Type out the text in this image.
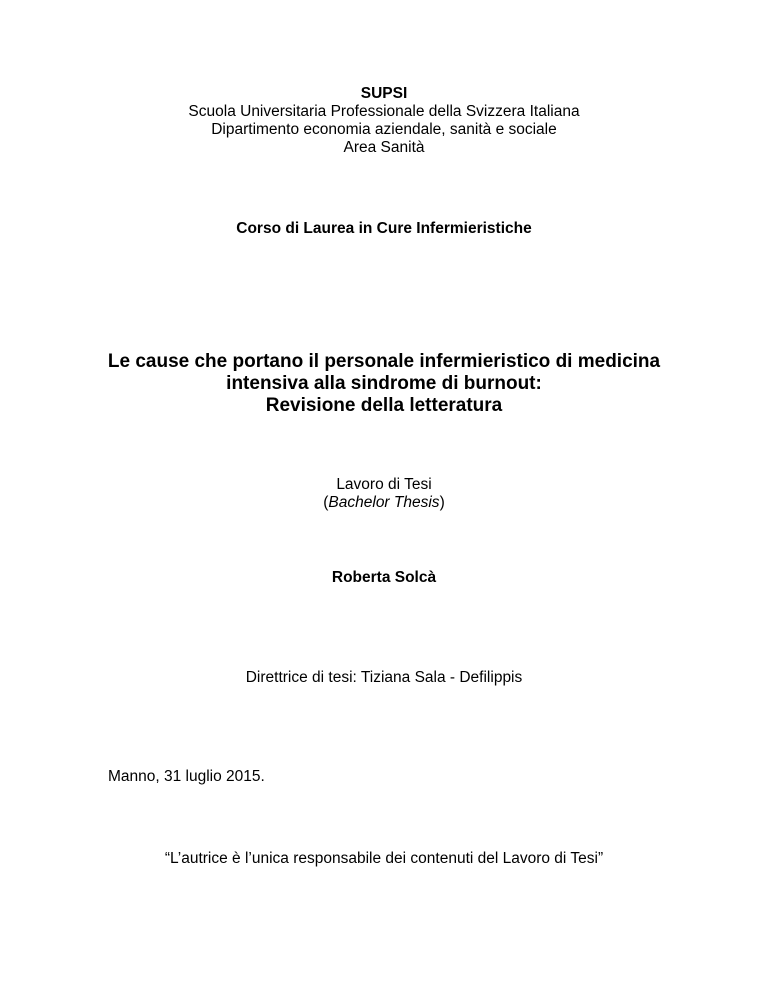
SUPSI
Scuola Universitaria Professionale della Svizzera Italiana
Dipartimento economia aziendale, sanità e sociale
Area Sanità
Corso di Laurea in Cure Infermieristiche
Le cause che portano il personale infermieristico di medicina
intensiva alla sindrome di burnout:
Revisione della letteratura
Lavoro di Tesi
(Bachelor Thesis)
Roberta Solcà
Direttrice di tesi: Tiziana Sala - Defilippis
Manno, 31 luglio 2015.
“L’autrice è l’unica responsabile dei contenuti del Lavoro di Tesi”
